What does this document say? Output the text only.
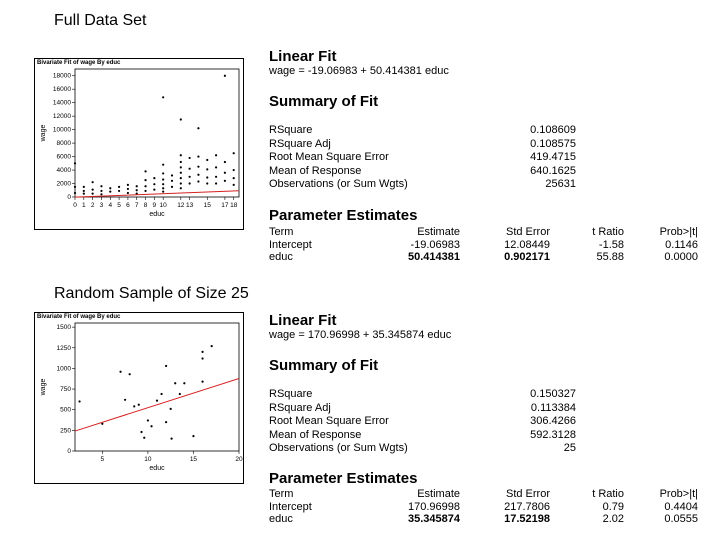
Full Data Set
Bivariate Fit of wage By educ
0
2000
4000
6000
8000
10000
12000
14000
16000
18000
0 1 2 3 4 5 6 7 8 9 10 12 13 15 17 18
educ
wage
Linear Fit
wage = -19.06983 + 50.414381 educ
Summary of Fit
RSquare	0.108609
RSquare Adj	0.108575
Root Mean Square Error	419.4715
Mean of Response	640.1625
Observations (or Sum Wgts)	25631
Parameter Estimates
Term	Estimate	Std Error	t Ratio	Prob>|t|
Intercept	-19.06983	12.08449	-1.58	0.1146
educ	50.414381	0.902171	55.88	0.0000
Random Sample of Size 25
Bivariate Fit of wage By educ
0
250
500
750
1000
1250
1500
5	10	15	20
educ
wage
Linear Fit
wage = 170.96998 + 35.345874 educ
Summary of Fit
RSquare	0.150327
RSquare Adj	0.113384
Root Mean Square Error	306.4266
Mean of Response	592.3128
Observations (or Sum Wgts)	25
Parameter Estimates
Term	Estimate	Std Error	t Ratio	Prob>|t|
Intercept	170.96998	217.7806	0.79	0.4404
educ	35.345874	17.52198	2.02	0.0555
